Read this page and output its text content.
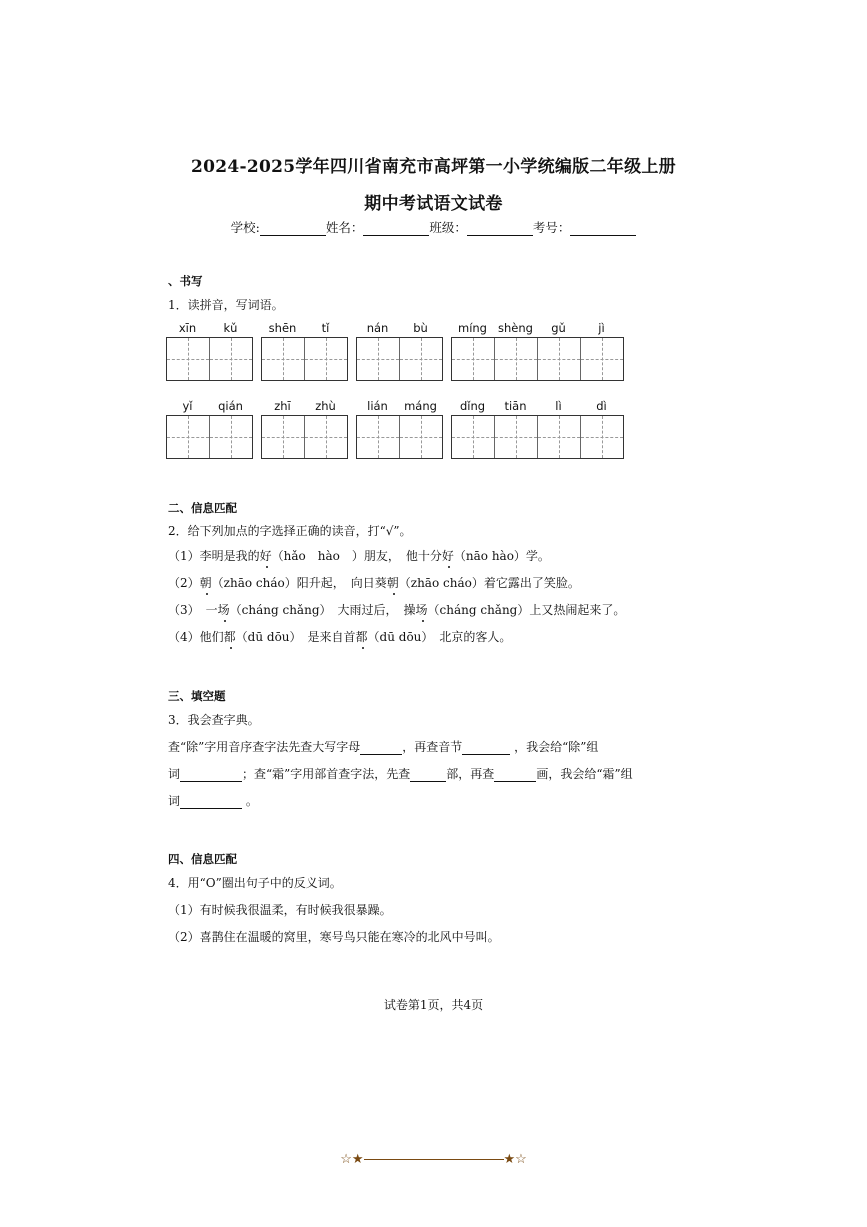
2024-2025学年四川省南充市高坪第一小学统编版二年级上册
期中考试语文试卷
学校:	姓名：	班级：	考号：
、书写
1．读拼音，写词语。
xīn	kǔ	shēn	tǐ	nán	bù	míng shèng	gǔ	jì
yǐ	qián	zhī	zhù	lián	máng	dǐng	tiān	lì	dì
二、信息匹配
2．给下列加点的字选择正确的读音，打“√”。
（1）李明是我的好（hǎo　hào　）朋友，　他十分好（nāo hào）学。
（2）朝（zhāo cháo）阳升起，　向日葵朝（zhāo cháo）着它露出了笑脸。
（3）　一场（cháng chǎng）　大雨过后，　操场（cháng chǎng）上又热闹起来了。
（4）他们都（dū dōu）　是来自首都（dū dōu）　北京的客人。
三、填空题
3．我会查字典。
查“除”字用音序查字法先查大写字母	，再查音节	，我会给“除”组
词	；查“霜”字用部首查字法，先查	部，再查	画，我会给“霜”组
词	。
四、信息匹配
4．用“O”圈出句子中的反义词。
（1）有时候我很温柔，有时候我很暴躁。
（2）喜鹊住在温暖的窝里，寒号鸟只能在寒冷的北风中号叫。
试卷第1页，共4页
☆★	★☆
